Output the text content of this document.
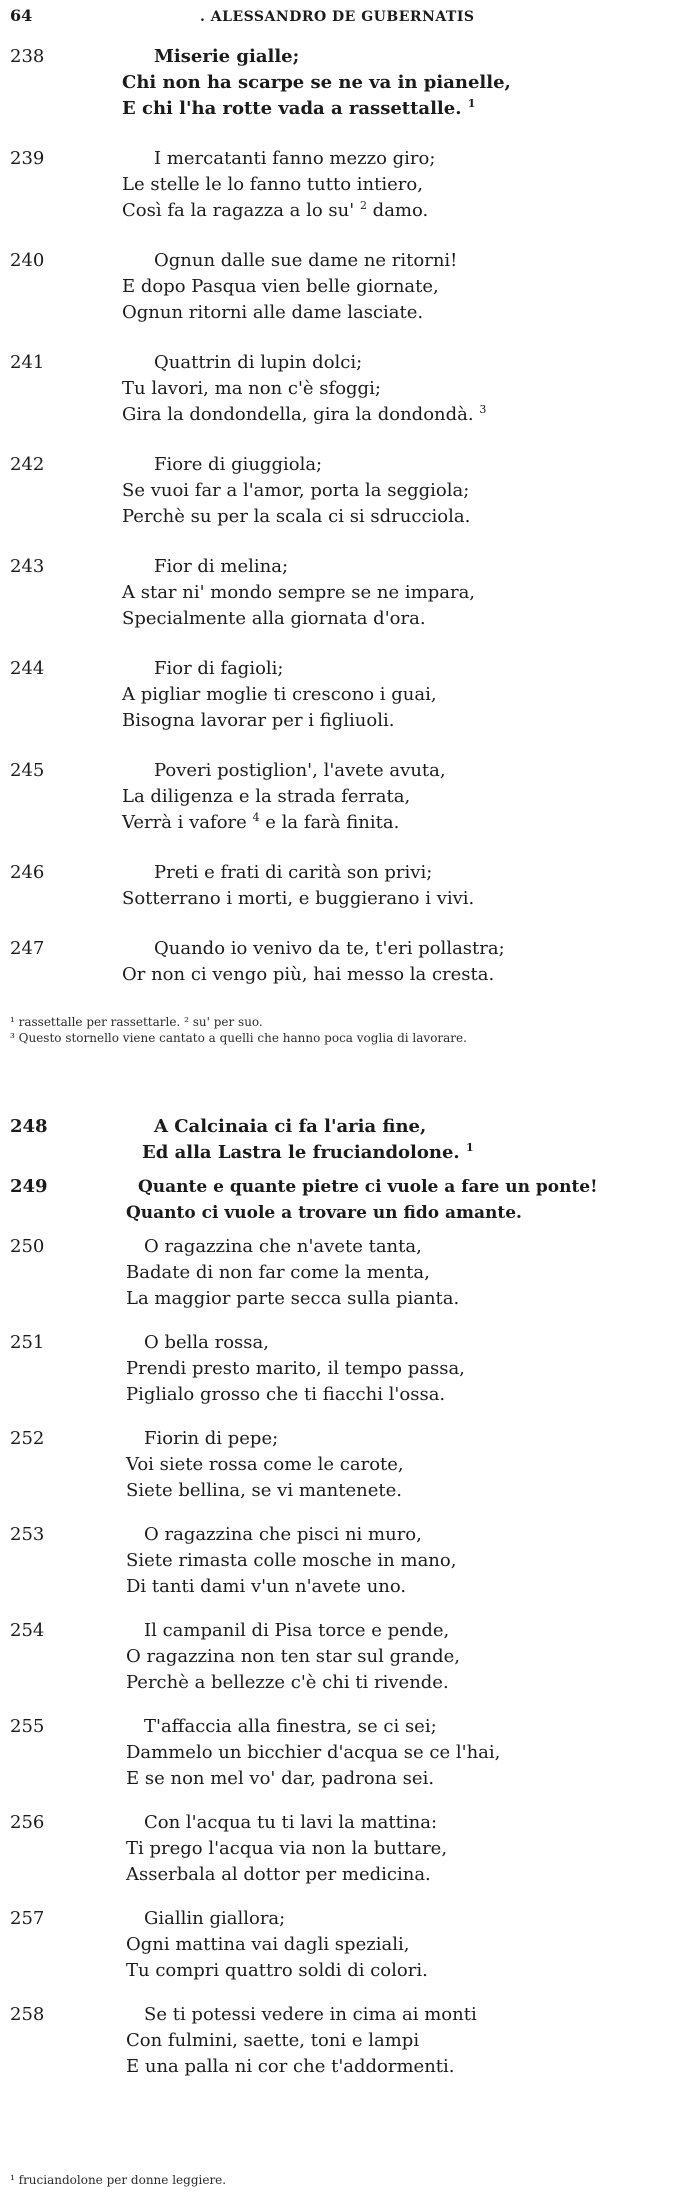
64	. ALESSANDRO DE GUBERNATIS
238	Miserie gialle;
Chi non ha scarpe se ne va in pianelle,
E chi l'ha rotte vada a rassettalle. $^1$
239	I mercatanti fanno mezzo giro;
Le stelle le lo fanno tutto intiero,
Così fa la ragazza a lo su' $^2$ damo.
240	Ognun dalle sue dame ne ritorni!
E dopo Pasqua vien belle giornate,
Ognun ritorni alle dame lasciate.
241	Quattrin di lupin dolci;
Tu lavori, ma non c'è sfoggi;
Gira la dondondella, gira la dondondà. $^3$
242	Fiore di giuggiola;
Se vuoi far a l'amor, porta la seggiola;
Perchè su per la scala ci si sdrucciola.
243	Fior di melina;
A star ni' mondo sempre se ne impara,
Specialmente alla giornata d'ora.
244	Fior di fagioli;
A pigliar moglie ti crescono i guai,
Bisogna lavorar per i figliuoli.
245	Poveri postiglion', l'avete avuta,
La diligenza e la strada ferrata,
Verrà i vafore $^4$ e la farà finita.
246	Preti e frati di carità son privi;
Sotterrano i morti, e buggierano i vivi.
247	Quando io venivo da te, t'eri pollastra;
Or non ci vengo più, hai messo la cresta.
¹ rassettalle per rassettarle. ² su' per suo.
³ Questo stornello viene cantato a quelli che hanno poca voglia di lavorare.
248	A Calcinaia ci fa l'aria fine,
Ed alla Lastra le fruciandolone. $^1$
249	Quante e quante pietre ci vuole a fare un ponte!
Quanto ci vuole a trovare un fido amante.
250	O ragazzina che n'avete tanta,
Badate di non far come la menta,
La maggior parte secca sulla pianta.
251	O bella rossa,
Prendi presto marito, il tempo passa,
Piglialo grosso che ti fiacchi l'ossa.
252	Fiorin di pepe;
Voi siete rossa come le carote,
Siete bellina, se vi mantenete.
253	O ragazzina che pisci ni muro,
Siete rimasta colle mosche in mano,
Di tanti dami v'un n'avete uno.
254	Il campanil di Pisa torce e pende,
O ragazzina non ten star sul grande,
Perchè a bellezze c'è chi ti rivende.
255	T'affaccia alla finestra, se ci sei;
Dammelo un bicchier d'acqua se ce l'hai,
E se non mel vo' dar, padrona sei.
256	Con l'acqua tu ti lavi la mattina:
Ti prego l'acqua via non la buttare,
Asserbala al dottor per medicina.
257	Giallin giallora;
Ogni mattina vai dagli speziali,
Tu compri quattro soldi di colori.
258	Se ti potessi vedere in cima ai monti
Con fulmini, saette, toni e lampi
E una palla ni cor che t'addormenti.
¹ fruciandolone per donne leggiere.
